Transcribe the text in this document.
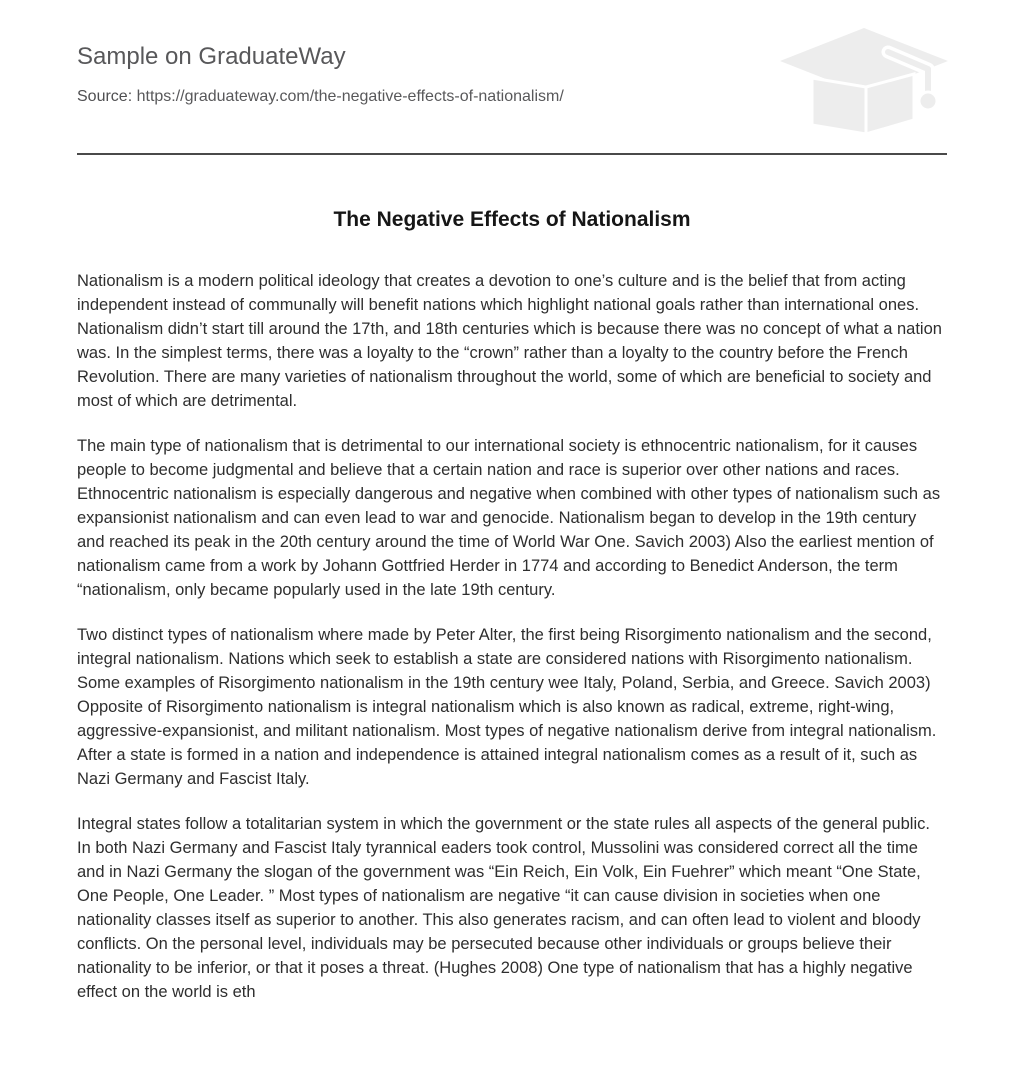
Sample on GraduateWay
Source: https://graduateway.com/the-negative-effects-of-nationalism/
The Negative Effects of Nationalism

Nationalism is a modern political ideology that creates a devotion to one’s culture and is the belief that from acting independent instead of communally will benefit nations which highlight national goals rather than international ones. Nationalism didn’t start till around the 17th, and 18th centuries which is because there was no concept of what a nation was. In the simplest terms, there was a loyalty to the “crown” rather than a loyalty to the country before the French Revolution. There are many varieties of nationalism throughout the world, some of which are beneficial to society and most of which are detrimental.

The main type of nationalism that is detrimental to our international society is ethnocentric nationalism, for it causes people to become judgmental and believe that a certain nation and race is superior over other nations and races. Ethnocentric nationalism is especially dangerous and negative when combined with other types of nationalism such as expansionist nationalism and can even lead to war and genocide. Nationalism began to develop in the 19th century and reached its peak in the 20th century around the time of World War One. Savich 2003) Also the earliest mention of nationalism came from a work by Johann Gottfried Herder in 1774 and according to Benedict Anderson, the term “nationalism, only became popularly used in the late 19th century.

Two distinct types of nationalism where made by Peter Alter, the first being Risorgimento nationalism and the second, integral nationalism. Nations which seek to establish a state are considered nations with Risorgimento nationalism. Some examples of Risorgimento nationalism in the 19th century wee Italy, Poland, Serbia, and Greece. Savich 2003) Opposite of Risorgimento nationalism is integral nationalism which is also known as radical, extreme, right-wing, aggressive-expansionist, and militant nationalism. Most types of negative nationalism derive from integral nationalism. After a state is formed in a nation and independence is attained integral nationalism comes as a result of it, such as Nazi Germany and Fascist Italy.

Integral states follow a totalitarian system in which the government or the state rules all aspects of the general public. In both Nazi Germany and Fascist Italy tyrannical eaders took control, Mussolini was considered correct all the time and in Nazi Germany the slogan of the government was “Ein Reich, Ein Volk, Ein Fuehrer” which meant “One State, One People, One Leader. ” Most types of nationalism are negative “it can cause division in societies when one nationality classes itself as superior to another. This also generates racism, and can often lead to violent and bloody conflicts. On the personal level, individuals may be persecuted because other individuals or groups believe their nationality to be inferior, or that it poses a threat. (Hughes 2008) One type of nationalism that has a highly negative effect on the world is eth
